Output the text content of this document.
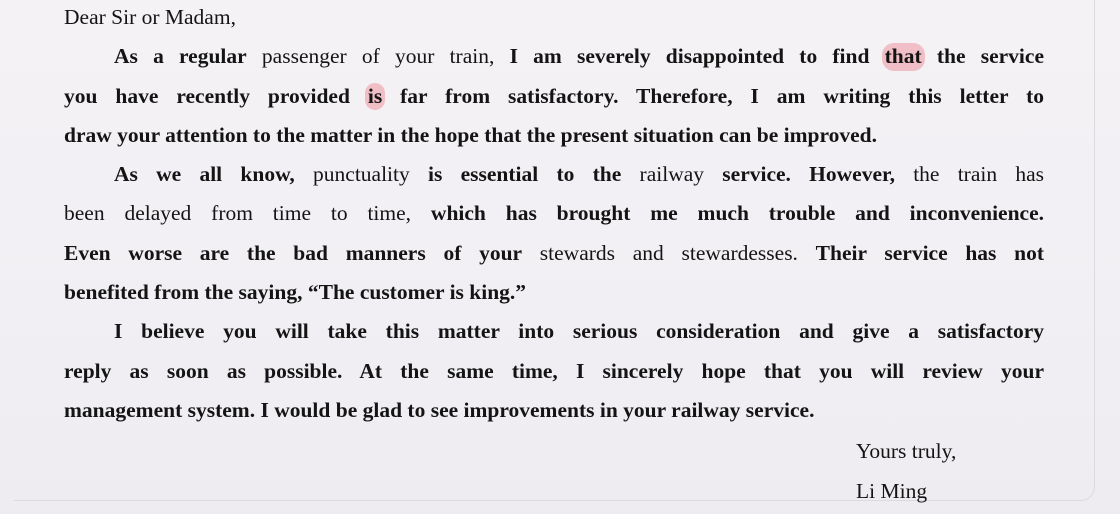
Dear Sir or Madam,
As a regular passenger of your train, I am severely disappointed to find that the service
you have recently provided is far from satisfactory. Therefore, I am writing this letter to
draw your attention to the matter in the hope that the present situation can be improved.
As we all know, punctuality is essential to the railway service. However, the train has
been delayed from time to time, which has brought me much trouble and inconvenience.
Even worse are the bad manners of your stewards and stewardesses. Their service has not
benefited from the saying, “The customer is king.”
I believe you will take this matter into serious consideration and give a satisfactory
reply as soon as possible. At the same time, I sincerely hope that you will review your
management system. I would be glad to see improvements in your railway service.
Yours truly,
Li Ming
